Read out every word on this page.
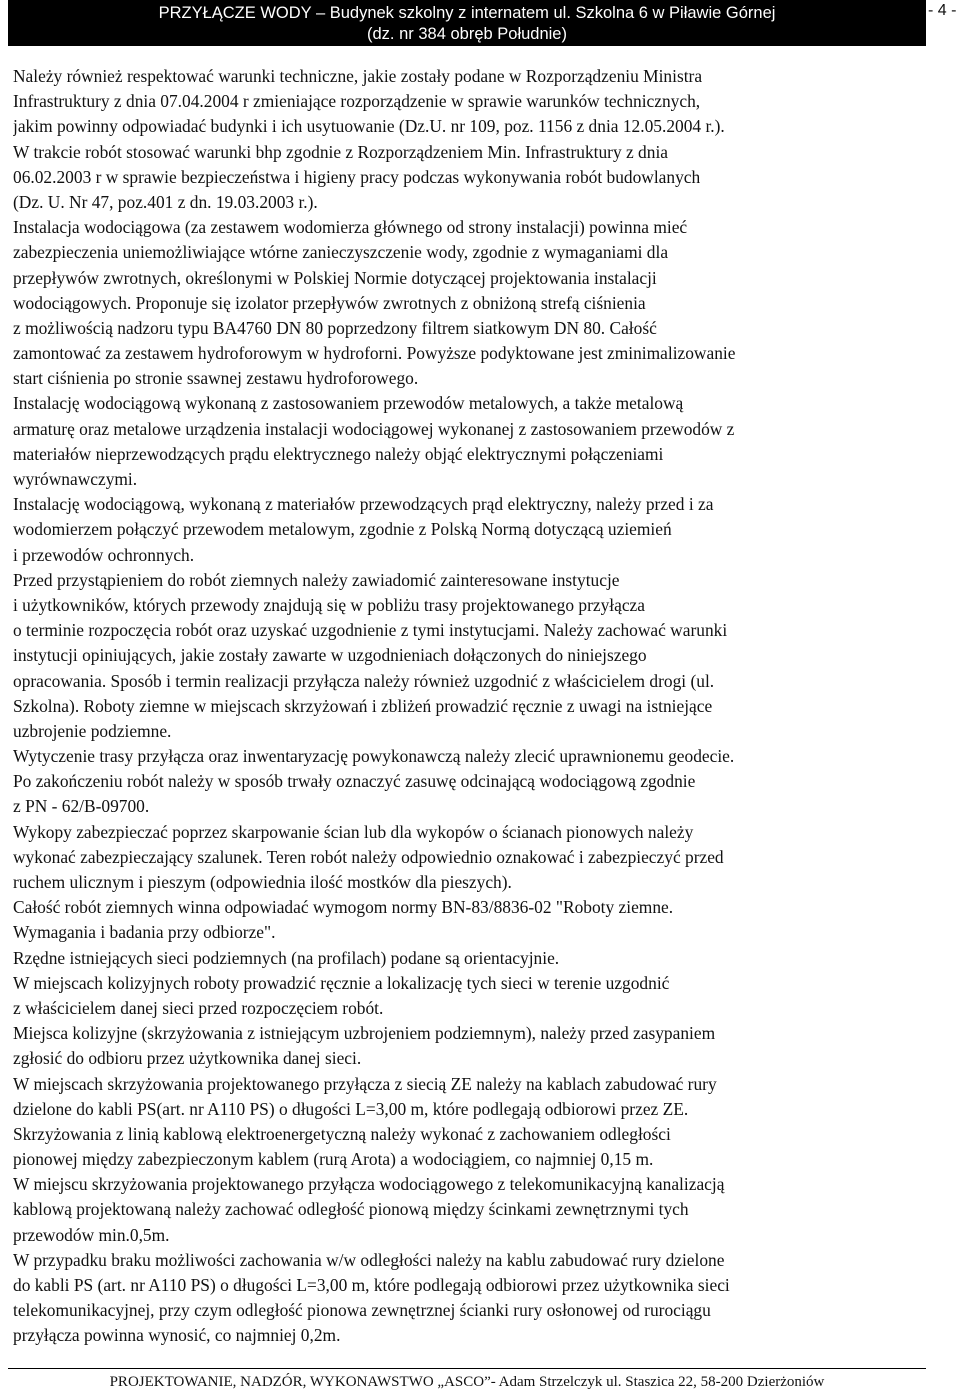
PRZYŁĄCZE WODY – Budynek szkolny z internatem ul. Szkolna 6 w Piławie Górnej
(dz. nr 384 obręb Południe)
- 4 -
Należy również respektować warunki techniczne, jakie zostały podane w Rozporządzeniu Ministra
Infrastruktury z dnia 07.04.2004 r zmieniające rozporządzenie w sprawie warunków technicznych,
jakim powinny odpowiadać budynki i ich usytuowanie (Dz.U. nr 109, poz. 1156 z dnia 12.05.2004 r.).
W trakcie robót stosować warunki bhp zgodnie z Rozporządzeniem Min. Infrastruktury z dnia
06.02.2003 r w sprawie bezpieczeństwa i higieny pracy podczas wykonywania robót budowlanych
(Dz. U. Nr 47, poz.401 z dn. 19.03.2003 r.).
Instalacja wodociągowa (za zestawem wodomierza głównego od strony instalacji) powinna mieć
zabezpieczenia uniemożliwiające wtórne zanieczyszczenie wody, zgodnie z wymaganiami dla
przepływów zwrotnych, określonymi w Polskiej Normie dotyczącej projektowania instalacji
wodociągowych. Proponuje się izolator przepływów zwrotnych z obniżoną strefą ciśnienia
z możliwością nadzoru typu BA4760 DN 80 poprzedzony filtrem siatkowym DN 80. Całość
zamontować za zestawem hydroforowym w hydroforni. Powyższe podyktowane jest zminimalizowanie
start ciśnienia po stronie ssawnej zestawu hydroforowego.
Instalację wodociągową wykonaną z zastosowaniem przewodów metalowych, a także metalową
armaturę oraz metalowe urządzenia instalacji wodociągowej wykonanej z zastosowaniem przewodów z
materiałów nieprzewodzących prądu elektrycznego należy objąć elektrycznymi połączeniami
wyrównawczymi.
Instalację wodociągową, wykonaną z materiałów przewodzących prąd elektryczny, należy przed i za
wodomierzem połączyć przewodem metalowym, zgodnie z Polską Normą dotyczącą uziemień
i przewodów ochronnych.
Przed przystąpieniem do robót ziemnych należy zawiadomić zainteresowane instytucje
i użytkowników, których przewody znajdują się w pobliżu trasy projektowanego przyłącza
o terminie rozpoczęcia robót oraz uzyskać uzgodnienie z tymi instytucjami. Należy zachować warunki
instytucji opiniujących, jakie zostały zawarte w uzgodnieniach dołączonych do niniejszego
opracowania. Sposób i termin realizacji przyłącza należy również uzgodnić z właścicielem drogi (ul.
Szkolna). Roboty ziemne w miejscach skrzyżowań i zbliżeń prowadzić ręcznie z uwagi na istniejące
uzbrojenie podziemne.
Wytyczenie trasy przyłącza oraz inwentaryzację powykonawczą należy zlecić uprawnionemu geodecie.
Po zakończeniu robót należy w sposób trwały oznaczyć zasuwę odcinającą wodociągową zgodnie
z PN - 62/B-09700.
Wykopy zabezpieczać poprzez skarpowanie ścian lub dla wykopów o ścianach pionowych należy
wykonać zabezpieczający szalunek. Teren robót należy odpowiednio oznakować i zabezpieczyć przed
ruchem ulicznym i pieszym (odpowiednia ilość mostków dla pieszych).
Całość robót ziemnych winna odpowiadać wymogom normy BN-83/8836-02 "Roboty ziemne.
Wymagania i badania przy odbiorze".
Rzędne istniejących sieci podziemnych (na profilach) podane są orientacyjnie.
W miejscach kolizyjnych roboty prowadzić ręcznie a lokalizację tych sieci w terenie uzgodnić
z właścicielem danej sieci przed rozpoczęciem robót.
Miejsca kolizyjne (skrzyżowania z istniejącym uzbrojeniem podziemnym), należy przed zasypaniem
zgłosić do odbioru przez użytkownika danej sieci.
W miejscach skrzyżowania projektowanego przyłącza z siecią ZE należy na kablach zabudować rury
dzielone do kabli PS(art. nr A110 PS) o długości L=3,00 m, które podlegają odbiorowi przez ZE.
Skrzyżowania z linią kablową elektroenergetyczną należy wykonać z zachowaniem odległości
pionowej między zabezpieczonym kablem (rurą Arota) a wodociągiem, co najmniej 0,15 m.
W miejscu skrzyżowania projektowanego przyłącza wodociągowego z telekomunikacyjną kanalizacją
kablową projektowaną należy zachować odległość pionową między ścinkami zewnętrznymi tych
przewodów min.0,5m.
W przypadku braku możliwości zachowania w/w odległości należy na kablu zabudować rury dzielone
do kabli PS (art. nr A110 PS) o długości L=3,00 m, które podlegają odbiorowi przez użytkownika sieci
telekomunikacyjnej, przy czym odległość pionowa zewnętrznej ścianki rury osłonowej od rurociągu
przyłącza powinna wynosić, co najmniej 0,2m.
PROJEKTOWANIE, NADZÓR, WYKONAWSTWO „ASCO”- Adam Strzelczyk ul. Staszica 22, 58-200 Dzierżoniów
